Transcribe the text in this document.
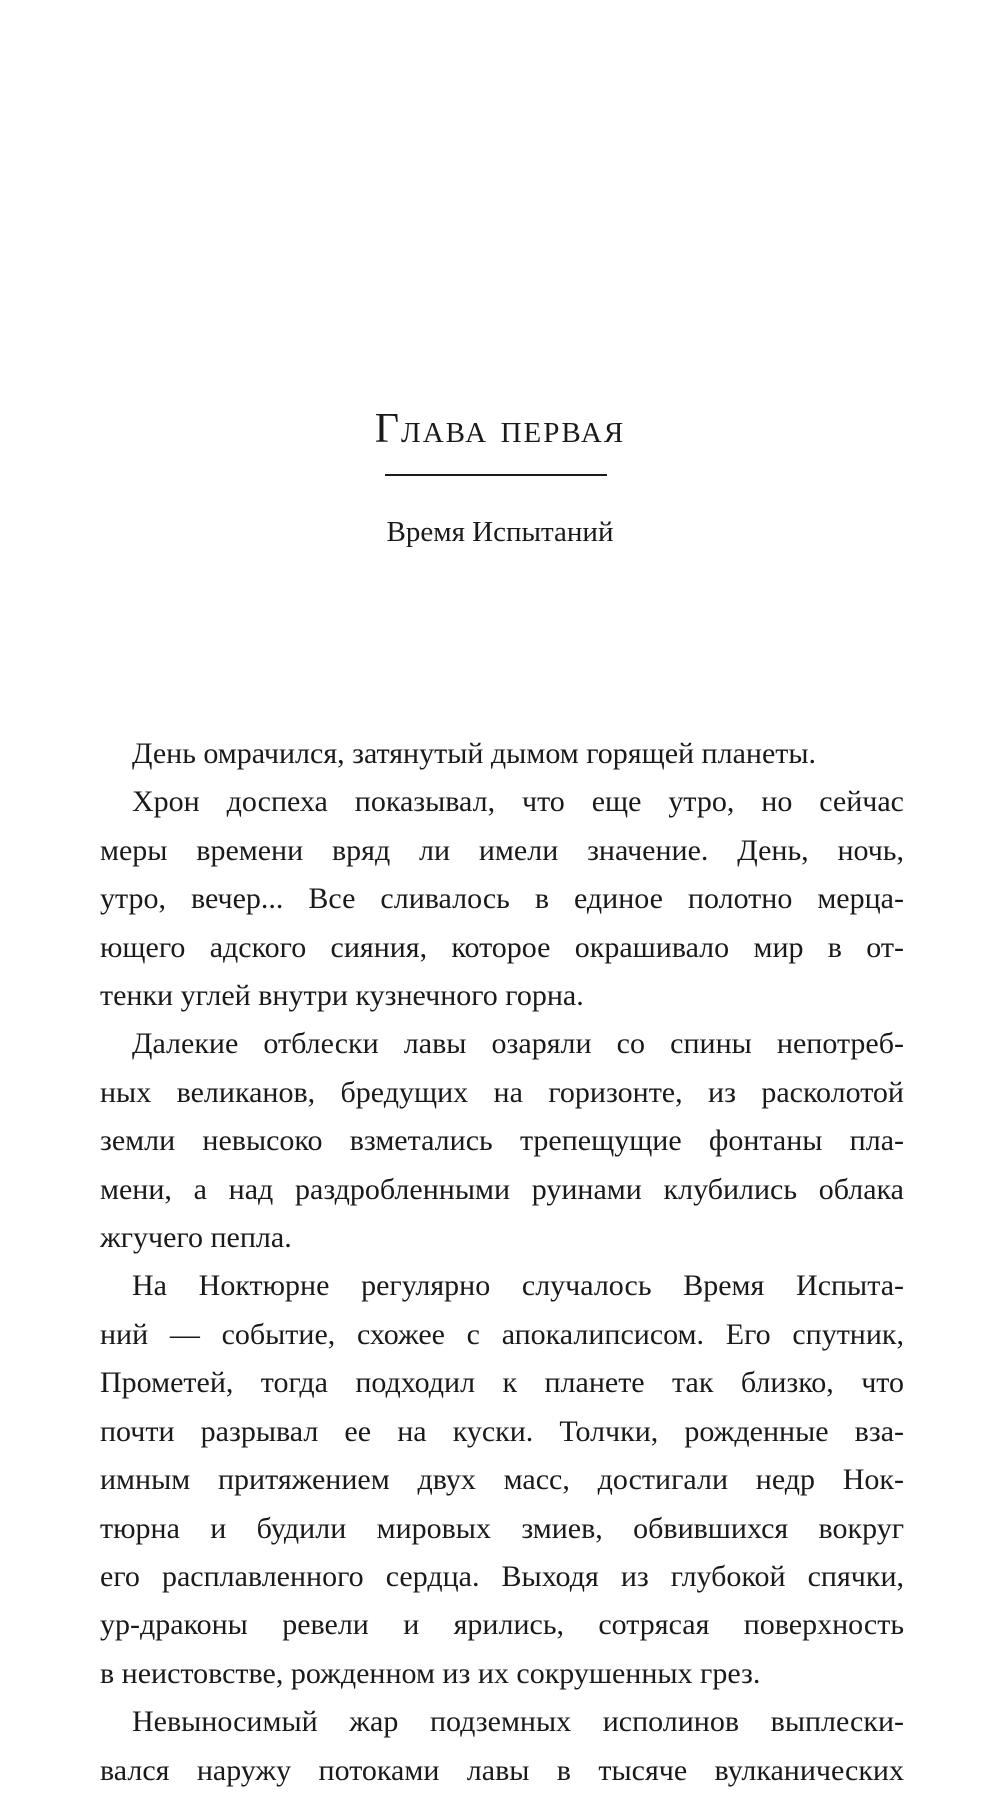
Глава первая
Время Испытаний

День омрачился, затянутый дымом горящей планеты.

Хрон доспеха показывал, что еще утро, но сейчас
меры времени вряд ли имели значение. День, ночь,
утро, вечер... Все сливалось в единое полотно мерца-
ющего адского сияния, которое окрашивало мир в от-
тенки углей внутри кузнечного горна.

Далекие отблески лавы озаряли со спины непотреб-
ных великанов, бредущих на горизонте, из расколотой
земли невысоко взметались трепещущие фонтаны пла-
мени, а над раздробленными руинами клубились облака
жгучего пепла.

На Ноктюрне регулярно случалось Время Испыта-
ний — событие, схожее с апокалипсисом. Его спутник,
Прометей, тогда подходил к планете так близко, что
почти разрывал ее на куски. Толчки, рожденные вза-
имным притяжением двух масс, достигали недр Нок-
тюрна и будили мировых змиев, обвившихся вокруг
его расплавленного сердца. Выходя из глубокой спячки,
ур-драконы ревели и ярились, сотрясая поверхность
в неистовстве, рожденном из их сокрушенных грез.

Невыносимый жар подземных исполинов выплески-
вался наружу потоками лавы в тысяче вулканических
